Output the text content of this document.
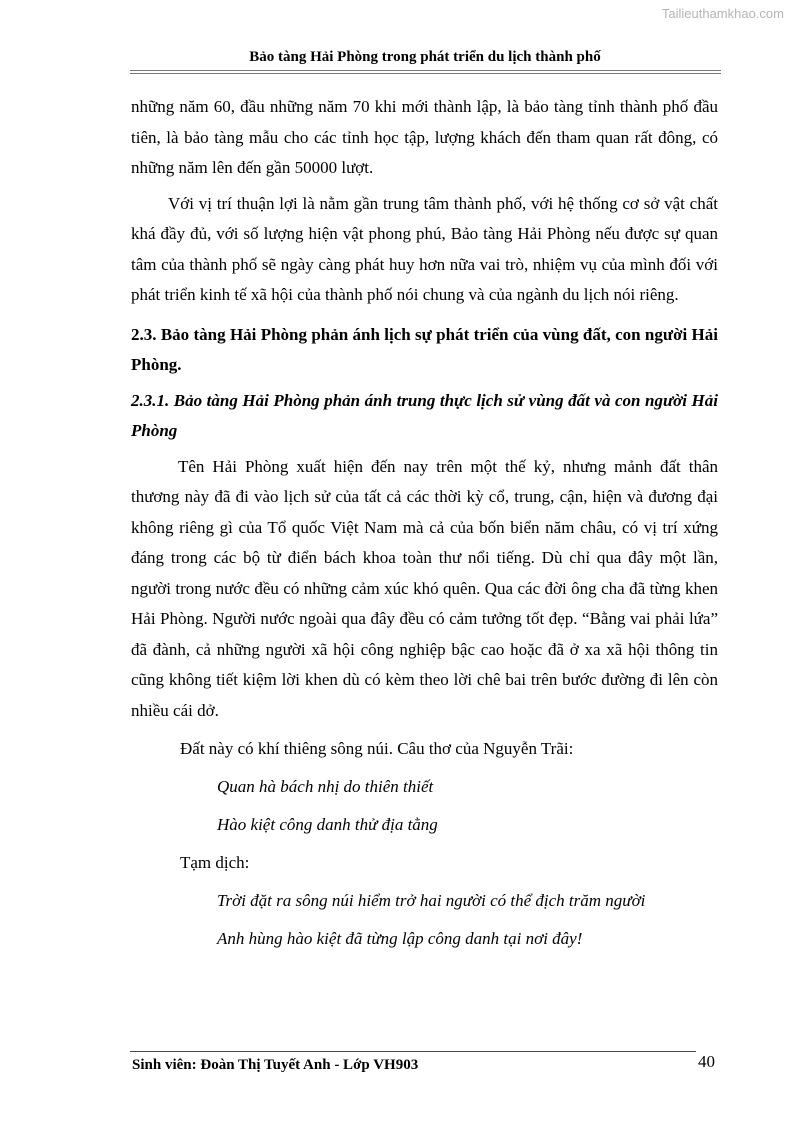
Tailieuthamkhao.com
Bảo tàng Hải Phòng trong phát triển du lịch thành phố

những năm 60, đầu những năm 70 khi mới thành lập, là bảo tàng tỉnh thành phố đầu tiên, là bảo tàng mẫu cho các tỉnh học tập, lượng khách đến tham quan rất đông, có những năm lên đến gần 50000 lượt.

Với vị trí thuận lợi là nằm gần trung tâm thành phố, với hệ thống cơ sở vật chất khá đầy đủ, với số lượng hiện vật phong phú, Bảo tàng Hải Phòng nếu được sự quan tâm của thành phố sẽ ngày càng phát huy hơn nữa vai trò, nhiệm vụ của mình đối với phát triển kinh tế xã hội của thành phố nói chung và của ngành du lịch nói riêng.

2.3. Bảo tàng Hải Phòng phản ánh lịch sự phát triển của vùng đất, con người Hải Phòng.

2.3.1. Bảo tàng Hải Phòng phản ánh trung thực lịch sử vùng đất và con người Hải Phòng

Tên Hải Phòng xuất hiện đến nay trên một thế kỷ, nhưng mảnh đất thân thương này đã đi vào lịch sử của tất cả các thời kỳ cổ, trung, cận, hiện và đương đại không riêng gì của Tổ quốc Việt Nam mà cả của bốn biển năm châu, có vị trí xứng đáng trong các bộ từ điển bách khoa toàn thư nổi tiếng. Dù chỉ qua đây một lần, người trong nước đều có những cảm xúc khó quên. Qua các đời ông cha đã từng khen Hải Phòng. Người nước ngoài qua đây đều có cảm tưởng tốt đẹp. “Bằng vai phải lứa” đã đành, cả những người xã hội công nghiệp bậc cao hoặc đã ở xa xã hội thông tin cũng không tiết kiệm lời khen dù có kèm theo lời chê bai trên bước đường đi lên còn nhiều cái dở.

Đất này có khí thiêng sông núi. Câu thơ của Nguyễn Trãi:

Quan hà bách nhị do thiên thiết

Hào kiệt công danh thử địa tằng

Tạm dịch:

Trời đặt ra sông núi hiểm trở hai người có thể địch trăm người

Anh hùng hào kiệt đã từng lập công danh tại nơi đây!

Sinh viên: Đoàn Thị Tuyết Anh - Lớp VH903	40
